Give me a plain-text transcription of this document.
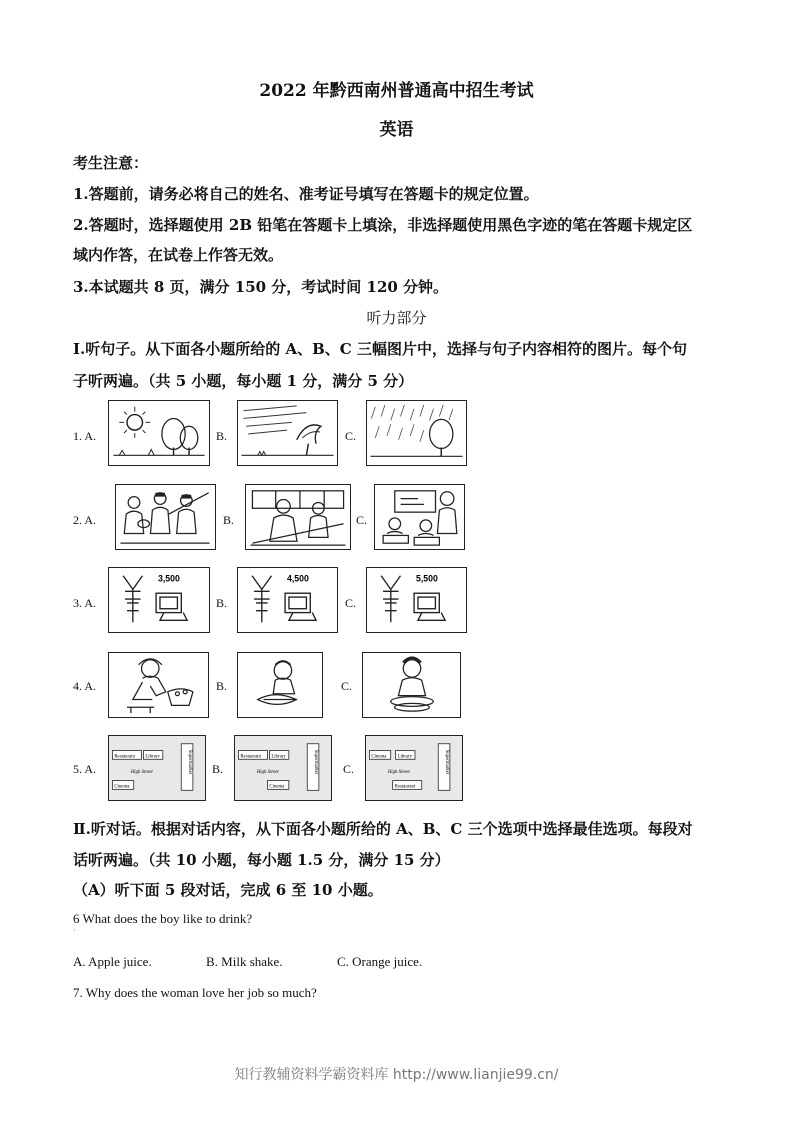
2022 年黔西南州普通高中招生考试
英语
考生注意：
1.答题前，请务必将自己的姓名、准考证号填写在答题卡的规定位置。
2.答题时，选择题使用 2B 铅笔在答题卡上填涂，非选择题使用黑色字迹的笔在答题卡规定区
域内作答，在试卷上作答无效。
3.本试题共 8 页，满分 150 分，考试时间 120 分钟。
听力部分
Ⅰ.听句子。从下面各小题所给的 A、B、C 三幅图片中，选择与句子内容相符的图片。每个句
子听两遍。（共 5 小题，每小题 1 分，满分 5 分）
1. A.	B.	C.
2. A.	B.	C.
3. A.
3,500
B.
4,500
C.
5,500
4. A.	B.	C.
5. A.
Restaurant Library
Cinema
High Street	Supermarket B.
Restaurant Library
Cinema
High Street	Supermarket C.
Cinema Library
Restaurant
High Street	Supermarket
Ⅱ.听对话。根据对话内容，从下面各小题所给的 A、B、C 三个选项中选择最佳选项。每段对
话听两遍。（共 10 小题，每小题 1.5 分，满分 15 分）
（A）听下面 5 段对话，完成 6 至 10 小题。
6 What does the boy like to drink?
·
A. Apple juice.	B. Milk shake.	C. Orange juice.
7. Why does the woman love her job so much?
知行教辅资料学霸资料库 http://www.lianjie99.cn/
